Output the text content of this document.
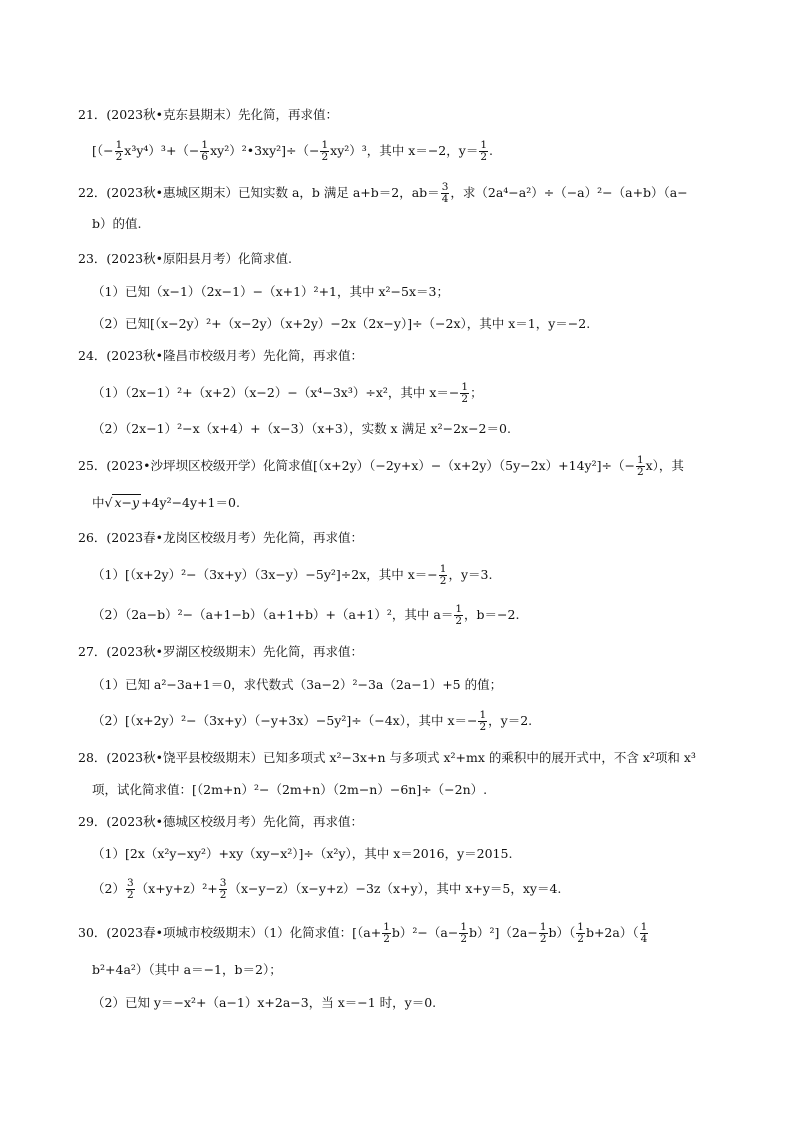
21．(2023秋•克东县期末）先化简，再求值：
[（− $\frac{1}{2} x^3y^4)^3+(- \frac{1}{6}$ xy²）²•3xy²]÷（− $\frac{1}{2} xy^2)^3$，其中 x＝−2，$y= \frac{1}{2}$ .
22．(2023秋•惠城区期末）已知实数 a，b 满足 a+b＝2，$ab= \frac{3}{4}$ ，求（2a⁴−a²）÷（−a）²−（a+b）（a−
b）的值.
23．(2023秋•原阳县月考）化简求值.
（1）已知（x−1）（2x−1）−（x+1）²+1，其中 x²−5x＝3；
（2）已知[（x−2y）²+（x−2y）（x+2y）−2x（2x−y）]÷（−2x），其中 x＝1，y＝−2.
24．(2023秋•隆昌市校级月考）先化简，再求值：
（1）（2x−1）²+（x+2）（x−2）−（x⁴−3x³）÷x²，其中 $x=- \frac{1}{2}$ ；
（2）（2x−1）²−x（x+4）+（x−3）（x+3），实数 x 满足 x²−2x−2＝0.
25．(2023•沙坪坝区校级开学）化简求值$[(x+2y)(-2y+x)-(x+2y)(5y-2x)+14y^2]\div(- \frac{1}{2} x)$，其
中√ x−y +4y²−4y+1＝0.
26．(2023春•龙岗区校级月考）先化简，再求值：
（1）[（x+2y）²−（3x+y）（3x−y）−5y²]÷2x，其中 $x=- \frac{1}{2}$ ，y＝3.
（2）（2a−b）²−（a+1−b）（a+1+b）+（a+1）²，其中 $a= \frac{1}{2}$ ，b＝−2.
27．(2023秋•罗湖区校级期末）先化简，再求值：
（1）已知 a²−3a+1＝0，求代数式（3a−2）²−3a（2a−1）+5 的值；
（2）[（x+2y）²−（3x+y）（−y+3x）−5y²]÷（−4x），其中 $x=- \frac{1}{2}$ ，y＝2.
28．(2023秋•饶平县校级期末）已知多项式 x²−3x+n 与多项式 x²+mx 的乘积中的展开式中，不含 x²项和 x³
项，试化简求值：[（2m+n）²−（2m+n）（2m−n）−6n]÷（−2n）.
29．(2023秋•德城区校级月考）先化简，再求值：
（1）[2x（x²y−xy²）+xy（xy−x²）]÷（x²y），其中 x＝2016，y＝2015.
$(2) \frac{3}{2} (x+y+z)^2+ \frac{3}{2} (x-y-z)(x-y+z)-3z(x+y)$，其中 x+y＝5，xy＝4.
30．(2023春•项城市校级期末）（1）化简求值：$[(a+ \frac{1}{2} b)^2-(a- \frac{1}{2} b)^2](2a- \frac{1}{2} b)( \frac{1}{2} b+2a)( \frac{1}{4}$
b²+4a²）（其中 a＝−1，b＝2）；
（2）已知 y＝−x²+（a−1）x+2a−3，当 x＝−1 时，y＝0.
